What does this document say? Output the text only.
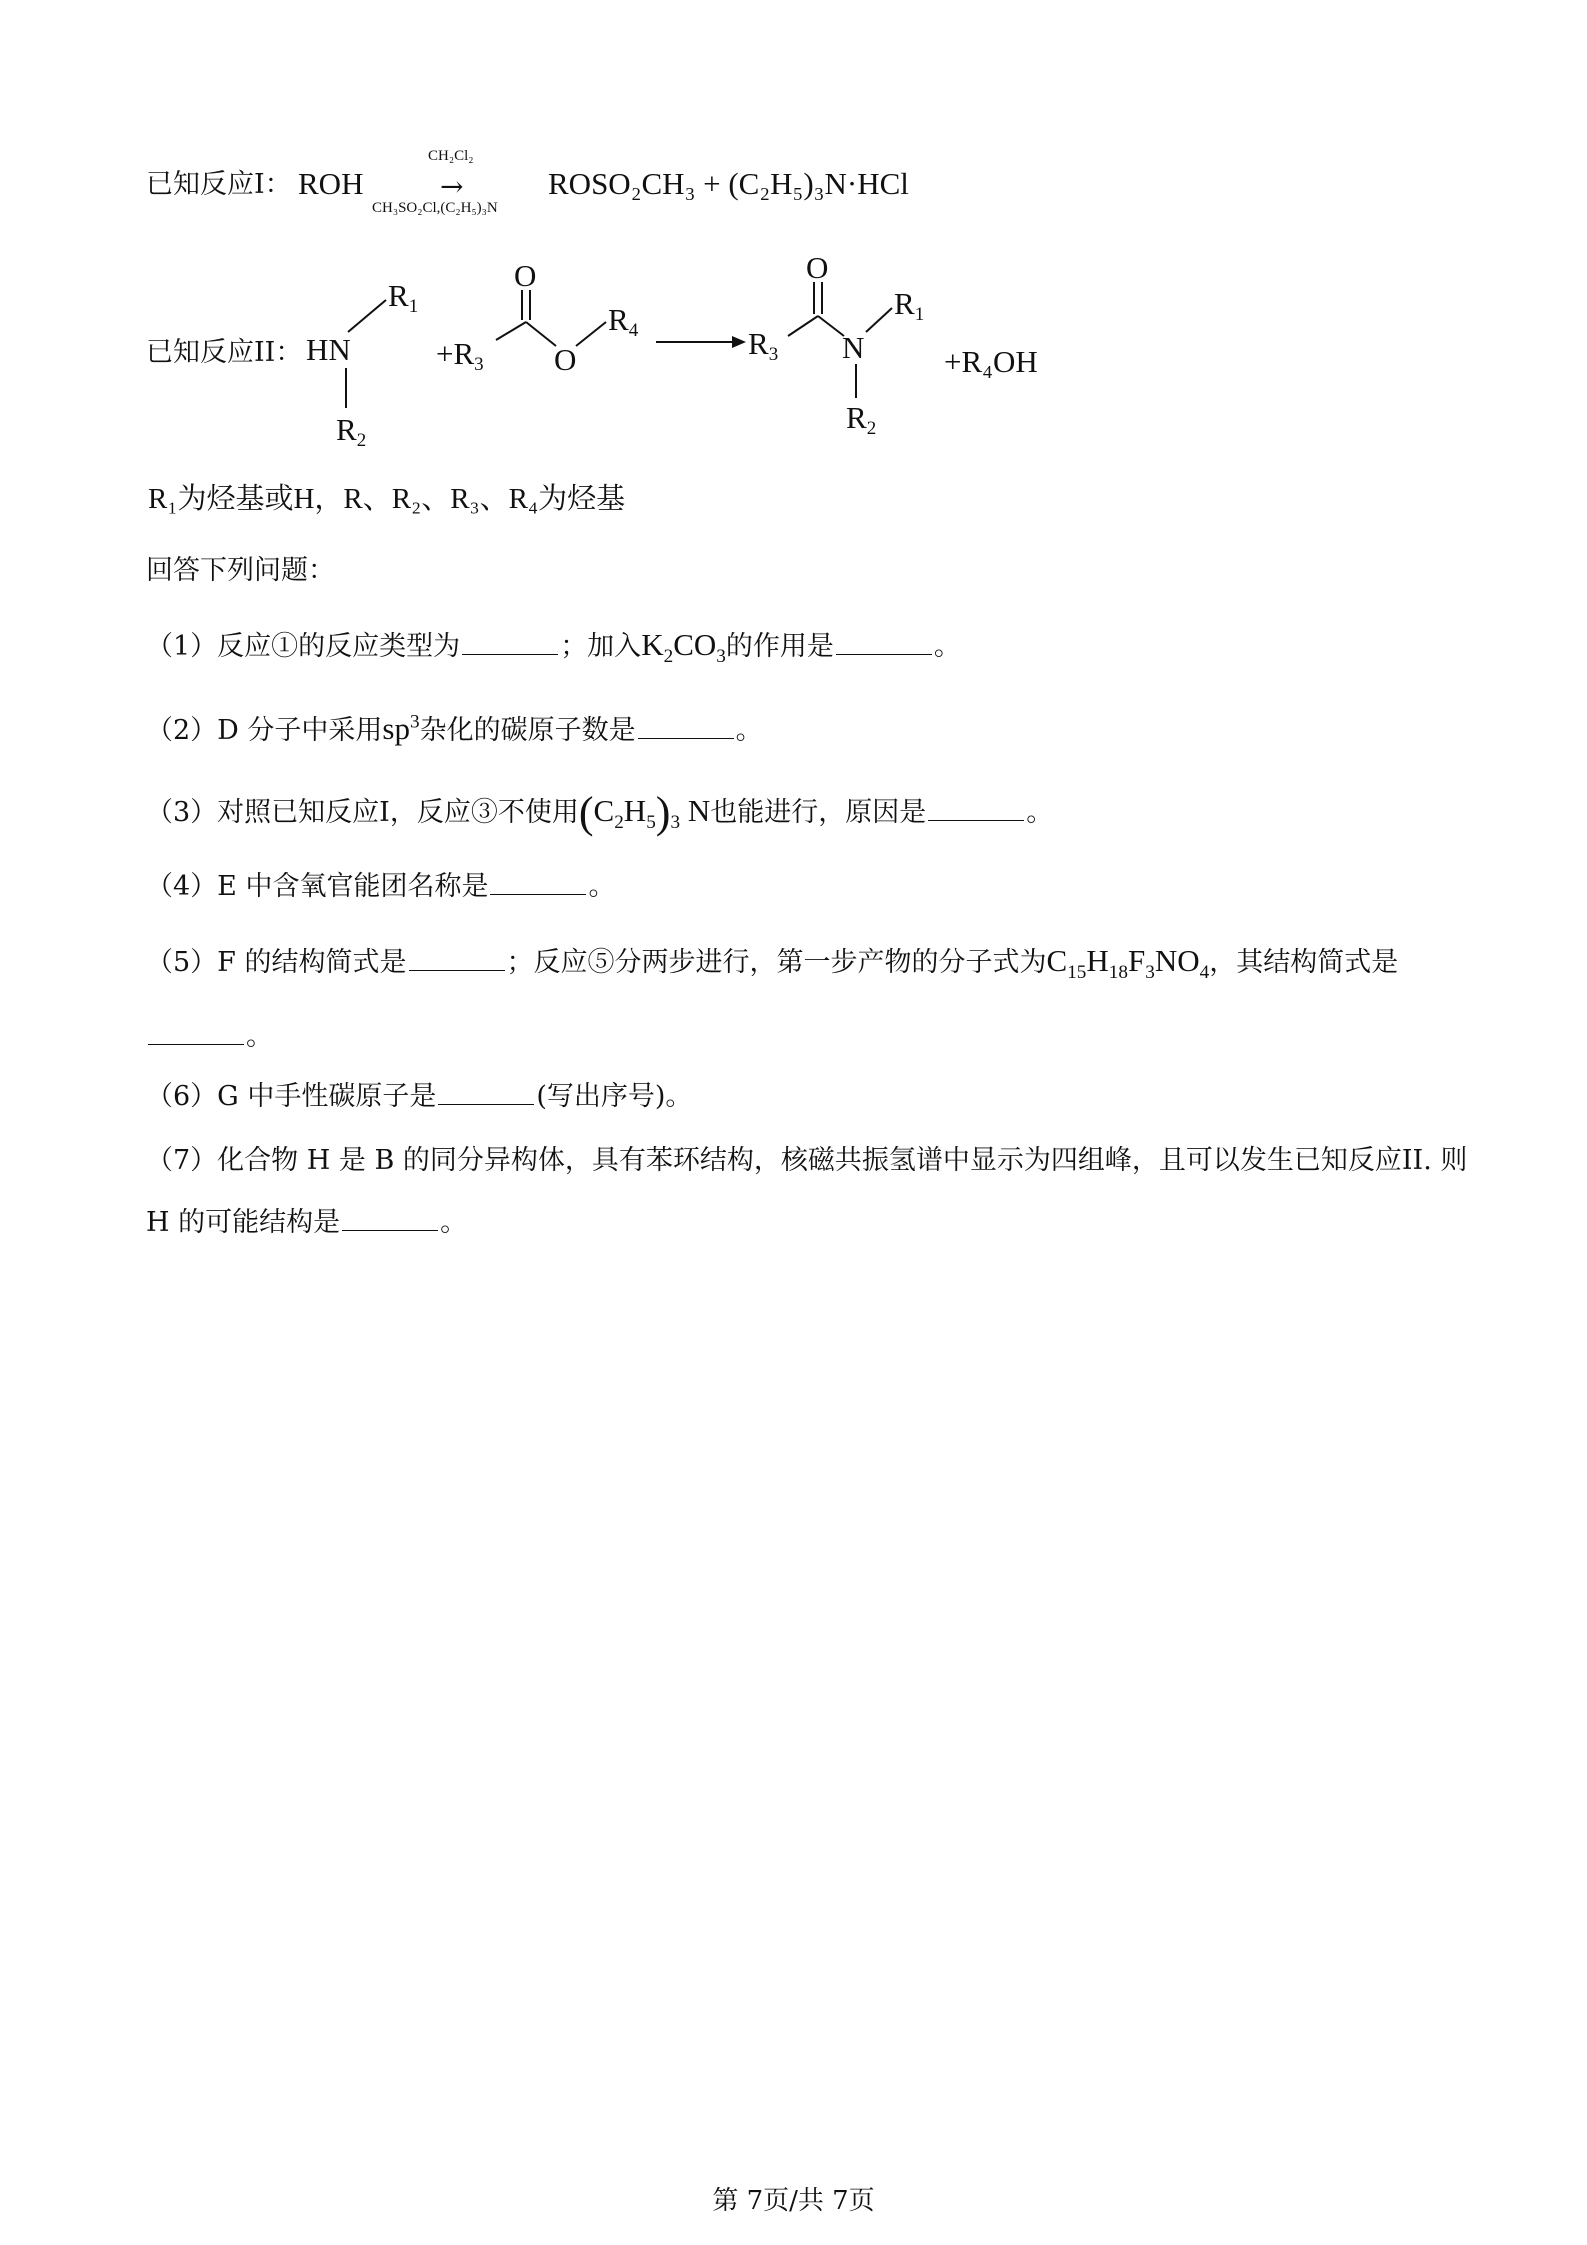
已知反应I： ROH
CH₂Cl₂
→
CH₃SO₂Cl,(C₂H₅)₃N
ROSO₂CH₃ + (C₂H₅)₃N·HCl
已知反应II： HN
R1
R2
+R3
O
O
R4	R3
O
N
R1
R2
+R₄OH
R₁为烃基或H，R、R₂、R₃、R₄为烃基
回答下列问题：
（1）反应①的反应类型为	；加入$K_2CO_3$的作用是	。
（2）D 分子中采用$sp^3$杂化的碳原子数是	。
（3）对照已知反应I，反应③不使用$(C_2H_5)_3$ N也能进行，原因是	。
（4）E 中含氧官能团名称是	。
（5）F 的结构简式是	；反应⑤分两步进行，第一步产物的分子式为$C_{15}H_{18}F_3NO_4$，其结构简式是
。
（6）G 中手性碳原子是	(写出序号)。
（7）化合物 H 是 B 的同分异构体，具有苯环结构，核磁共振氢谱中显示为四组峰，且可以发生已知反应II. 则
H 的可能结构是	。
第 7页/共 7页
